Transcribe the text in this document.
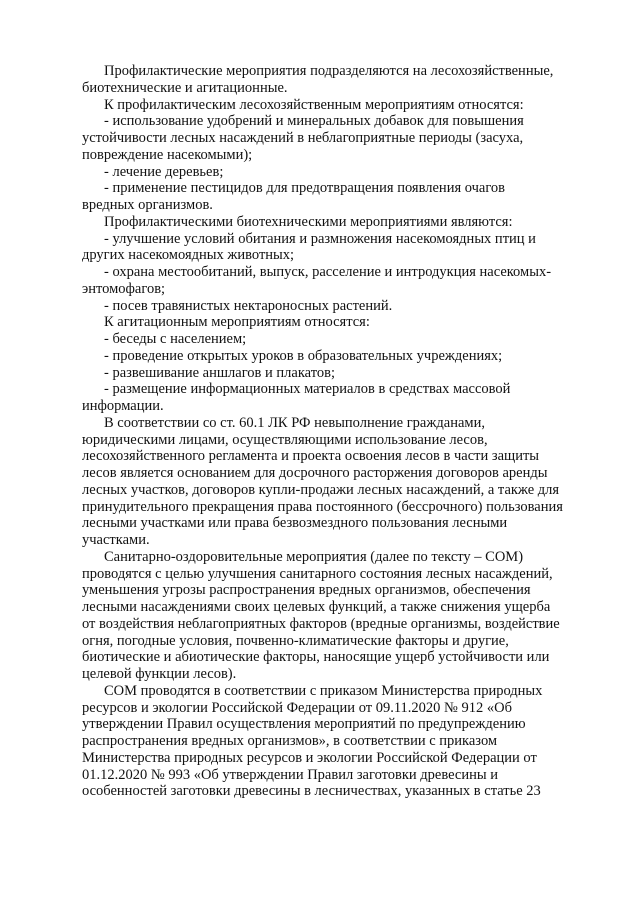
Профилактические мероприятия подразделяются на лесохозяйственные,
биотехнические и агитационные.

К профилактическим лесохозяйственным мероприятиям относятся:

- использование удобрений и минеральных добавок для повышения
устойчивости лесных насаждений в неблагоприятные периоды (засуха,
повреждение насекомыми);

- лечение деревьев;

- применение пестицидов для предотвращения появления очагов
вредных организмов.

Профилактическими биотехническими мероприятиями являются:

- улучшение условий обитания и размножения насекомоядных птиц и
других насекомоядных животных;

- охрана местообитаний, выпуск, расселение и интродукция насекомых-
энтомофагов;

- посев травянистых нектароносных растений.

К агитационным мероприятиям относятся:

- беседы с населением;

- проведение открытых уроков в образовательных учреждениях;

- развешивание аншлагов и плакатов;

- размещение информационных материалов в средствах массовой
информации.

В соответствии со ст. 60.1 ЛК РФ невыполнение гражданами,
юридическими лицами, осуществляющими использование лесов,
лесохозяйственного регламента и проекта освоения лесов в части защиты
лесов является основанием для досрочного расторжения договоров аренды
лесных участков, договоров купли-продажи лесных насаждений, а также для
принудительного прекращения права постоянного (бессрочного) пользования
лесными участками или права безвозмездного пользования лесными
участками.

Санитарно-оздоровительные мероприятия (далее по тексту – СОМ)
проводятся с целью улучшения санитарного состояния лесных насаждений,
уменьшения угрозы распространения вредных организмов, обеспечения
лесными насаждениями своих целевых функций, а также снижения ущерба
от воздействия неблагоприятных факторов (вредные организмы, воздействие
огня, погодные условия, почвенно-климатические факторы и другие,
биотические и абиотические факторы, наносящие ущерб устойчивости или
целевой функции лесов).

СОМ проводятся в соответствии с приказом Министерства природных
ресурсов и экологии Российской Федерации от 09.11.2020 № 912 «Об
утверждении Правил осуществления мероприятий по предупреждению
распространения вредных организмов», в соответствии с приказом
Министерства природных ресурсов и экологии Российской Федерации от
01.12.2020 № 993 «Об утверждении Правил заготовки древесины и
особенностей заготовки древесины в лесничествах, указанных в статье 23
